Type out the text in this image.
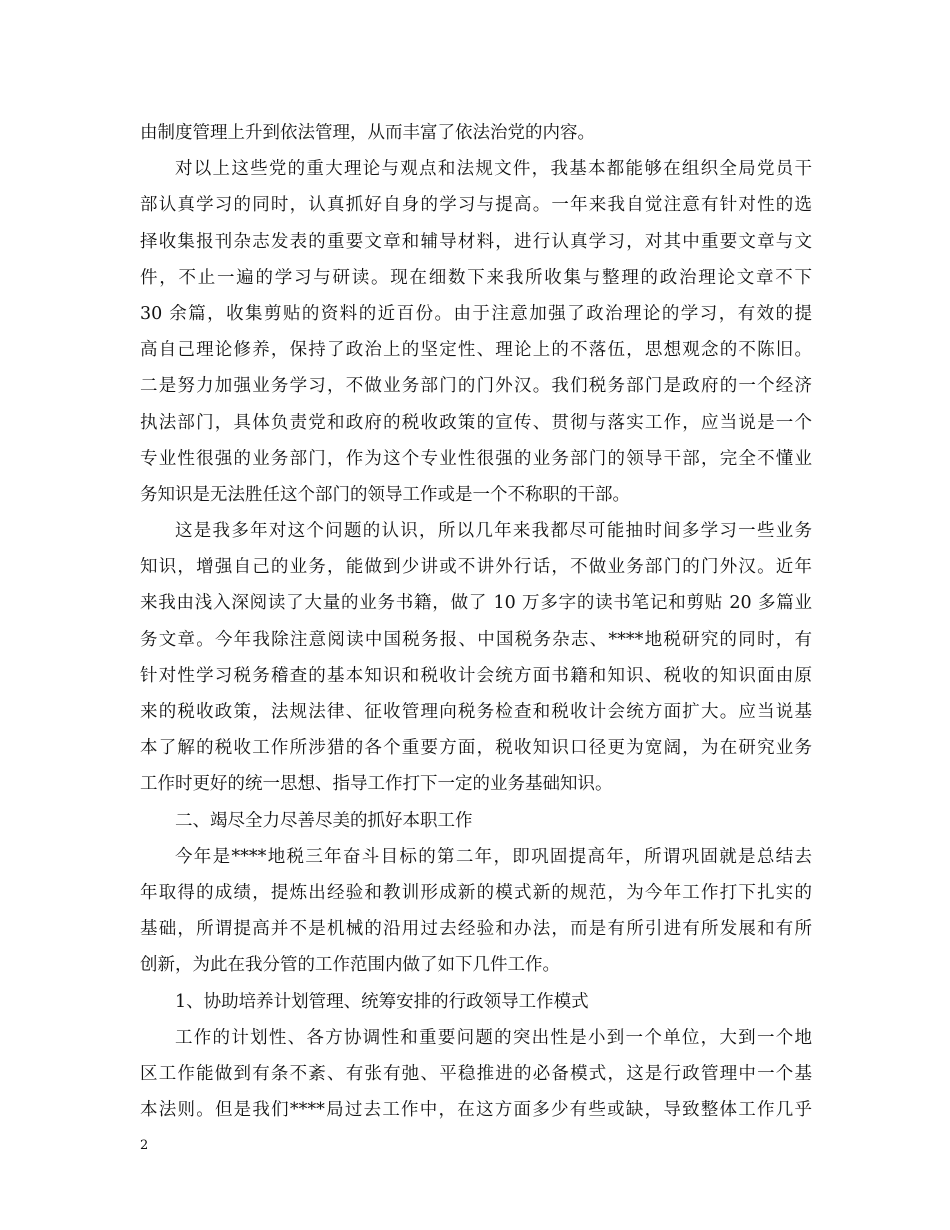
由制度管理上升到依法管理，从而丰富了依法治党的内容。
对以上这些党的重大理论与观点和法规文件，我基本都能够在组织全局党员干
部认真学习的同时，认真抓好自身的学习与提高。一年来我自觉注意有针对性的选
择收集报刊杂志发表的重要文章和辅导材料，进行认真学习，对其中重要文章与文
件，不止一遍的学习与研读。现在细数下来我所收集与整理的政治理论文章不下
30 余篇，收集剪贴的资料的近百份。由于注意加强了政治理论的学习，有效的提
高自己理论修养，保持了政治上的坚定性、理论上的不落伍，思想观念的不陈旧。
二是努力加强业务学习，不做业务部门的门外汉。我们税务部门是政府的一个经济
执法部门，具体负责党和政府的税收政策的宣传、贯彻与落实工作，应当说是一个
专业性很强的业务部门，作为这个专业性很强的业务部门的领导干部，完全不懂业
务知识是无法胜任这个部门的领导工作或是一个不称职的干部。
这是我多年对这个问题的认识，所以几年来我都尽可能抽时间多学习一些业务
知识，增强自己的业务，能做到少讲或不讲外行话，不做业务部门的门外汉。近年
来我由浅入深阅读了大量的业务书籍，做了 10 万多字的读书笔记和剪贴 20 多篇业
务文章。今年我除注意阅读中国税务报、中国税务杂志、****地税研究的同时，有
针对性学习税务稽查的基本知识和税收计会统方面书籍和知识、税收的知识面由原
来的税收政策，法规法律、征收管理向税务检查和税收计会统方面扩大。应当说基
本了解的税收工作所涉猎的各个重要方面，税收知识口径更为宽阔，为在研究业务
工作时更好的统一思想、指导工作打下一定的业务基础知识。
二、竭尽全力尽善尽美的抓好本职工作
今年是****地税三年奋斗目标的第二年，即巩固提高年，所谓巩固就是总结去
年取得的成绩，提炼出经验和教训形成新的模式新的规范，为今年工作打下扎实的
基础，所谓提高并不是机械的沿用过去经验和办法，而是有所引进有所发展和有所
创新，为此在我分管的工作范围内做了如下几件工作。
1、协助培养计划管理、统筹安排的行政领导工作模式
工作的计划性、各方协调性和重要问题的突出性是小到一个单位，大到一个地
区工作能做到有条不紊、有张有弛、平稳推进的必备模式，这是行政管理中一个基
本法则。但是我们****局过去工作中，在这方面多少有些或缺，导致整体工作几乎
2
